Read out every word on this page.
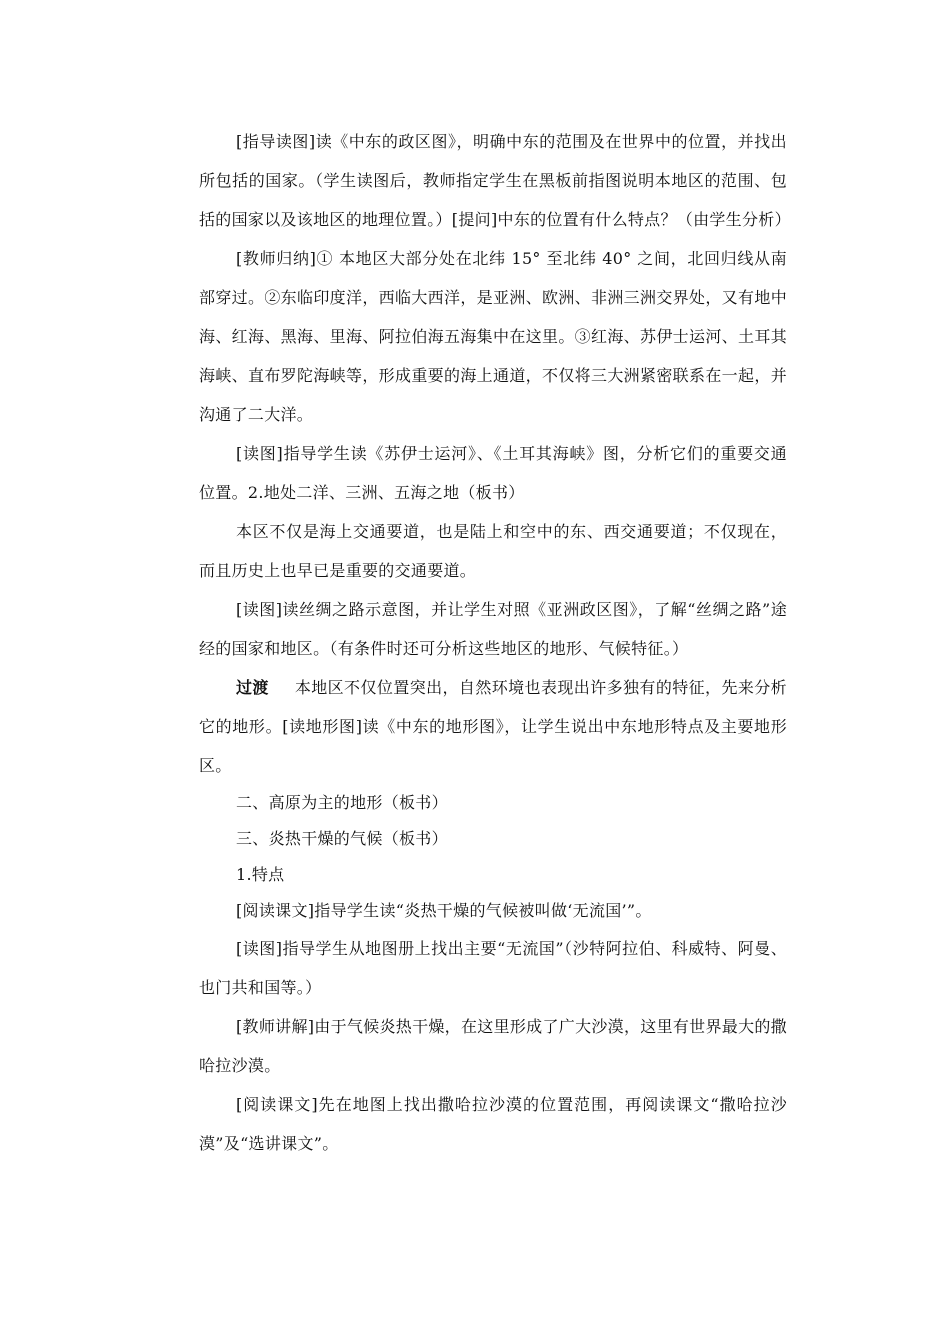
[指导读图]读《中东的政区图》，明确中东的范围及在世界中的位置，并找出所包括的国家。（学生读图后，教师指定学生在黑板前指图说明本地区的范围、包括的国家以及该地区的地理位置。）[提问]中东的位置有什么特点？（由学生分析）

[教师归纳]① 本地区大部分处在北纬 15° 至北纬 40° 之间，北回归线从南部穿过。②东临印度洋，西临大西洋，是亚洲、欧洲、非洲三洲交界处，又有地中海、红海、黑海、里海、阿拉伯海五海集中在这里。③红海、苏伊士运河、土耳其海峡、直布罗陀海峡等，形成重要的海上通道，不仅将三大洲紧密联系在一起，并沟通了二大洋。

[读图]指导学生读《苏伊士运河》、《土耳其海峡》图，分析它们的重要交通位置。2.地处二洋、三洲、五海之地（板书）

本区不仅是海上交通要道，也是陆上和空中的东、西交通要道；不仅现在，而且历史上也早已是重要的交通要道。

[读图]读丝绸之路示意图，并让学生对照《亚洲政区图》，了解“丝绸之路”途经的国家和地区。（有条件时还可分析这些地区的地形、气候特征。）

过渡 本地区不仅位置突出，自然环境也表现出许多独有的特征，先来分析它的地形。[读地形图]读《中东的地形图》，让学生说出中东地形特点及主要地形区。

二、高原为主的地形（板书）

三、炎热干燥的气候（板书）

1.特点

[阅读课文]指导学生读“炎热干燥的气候被叫做‘无流国’”。

[读图]指导学生从地图册上找出主要“无流国”（沙特阿拉伯、科威特、阿曼、也门共和国等。）

[教师讲解]由于气候炎热干燥，在这里形成了广大沙漠，这里有世界最大的撒哈拉沙漠。

[阅读课文]先在地图上找出撒哈拉沙漠的位置范围，再阅读课文“撒哈拉沙漠”及“选讲课文”。
